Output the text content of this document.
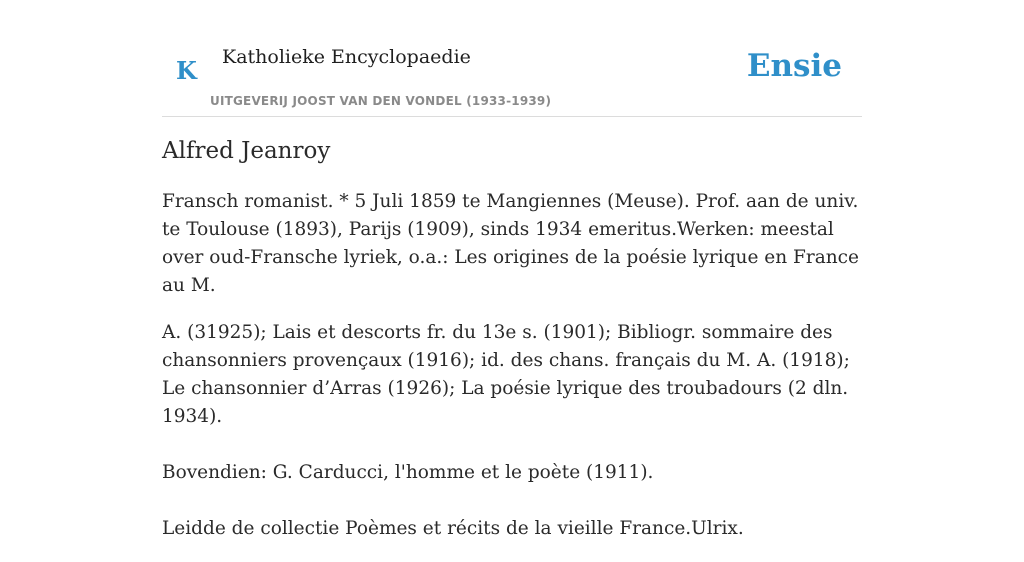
K Katholieke Encyclopaedie
UITGEVERIJ JOOST VAN DEN VONDEL (1933-1939)
Ensie
Alfred Jeanroy

Fransch romanist. * 5 Juli 1859 te Mangiennes (Meuse). Prof. aan de univ. te Toulouse (1893), Parijs (1909), sinds 1934 emeritus.Werken: meestal over oud-Fransche lyriek, o.a.: Les origines de la poésie lyrique en France au M.

A. (31925); Lais et descorts fr. du 13e s. (1901); Bibliogr. sommaire des chansonniers provençaux (1916); id. des chans. français du M. A. (1918); Le chansonnier d’Arras (1926); La poésie lyrique des troubadours (2 dln. 1934).

Bovendien: G. Carducci, l'homme et le poète (1911).

Leidde de collectie Poèmes et récits de la vieille France.Ulrix.
